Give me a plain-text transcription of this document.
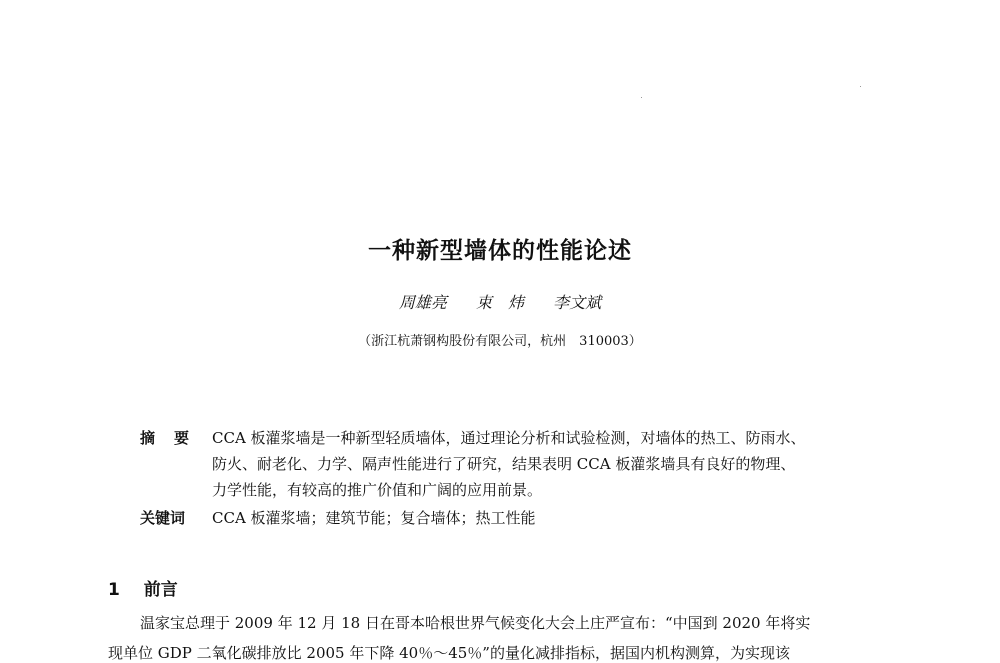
一种新型墙体的性能论述
周雄亮 束　炜 李文斌
（浙江杭萧钢构股份有限公司，杭州　310003）
摘　要 CCA 板灌浆墙是一种新型轻质墙体，通过理论分析和试验检测，对墙体的热工、防雨水、
防火、耐老化、力学、隔声性能进行了研究，结果表明 CCA 板灌浆墙具有良好的物理、
力学性能，有较高的推广价值和广阔的应用前景。
关键词 CCA 板灌浆墙；建筑节能；复合墙体；热工性能
1 前言
温家宝总理于 2009 年 12 月 18 日在哥本哈根世界气候变化大会上庄严宣布：“中国到 2020 年将实
现单位 GDP 二氧化碳排放比 2005 年下降 40％～45％”的量化减排指标，据国内机构测算，为实现该
